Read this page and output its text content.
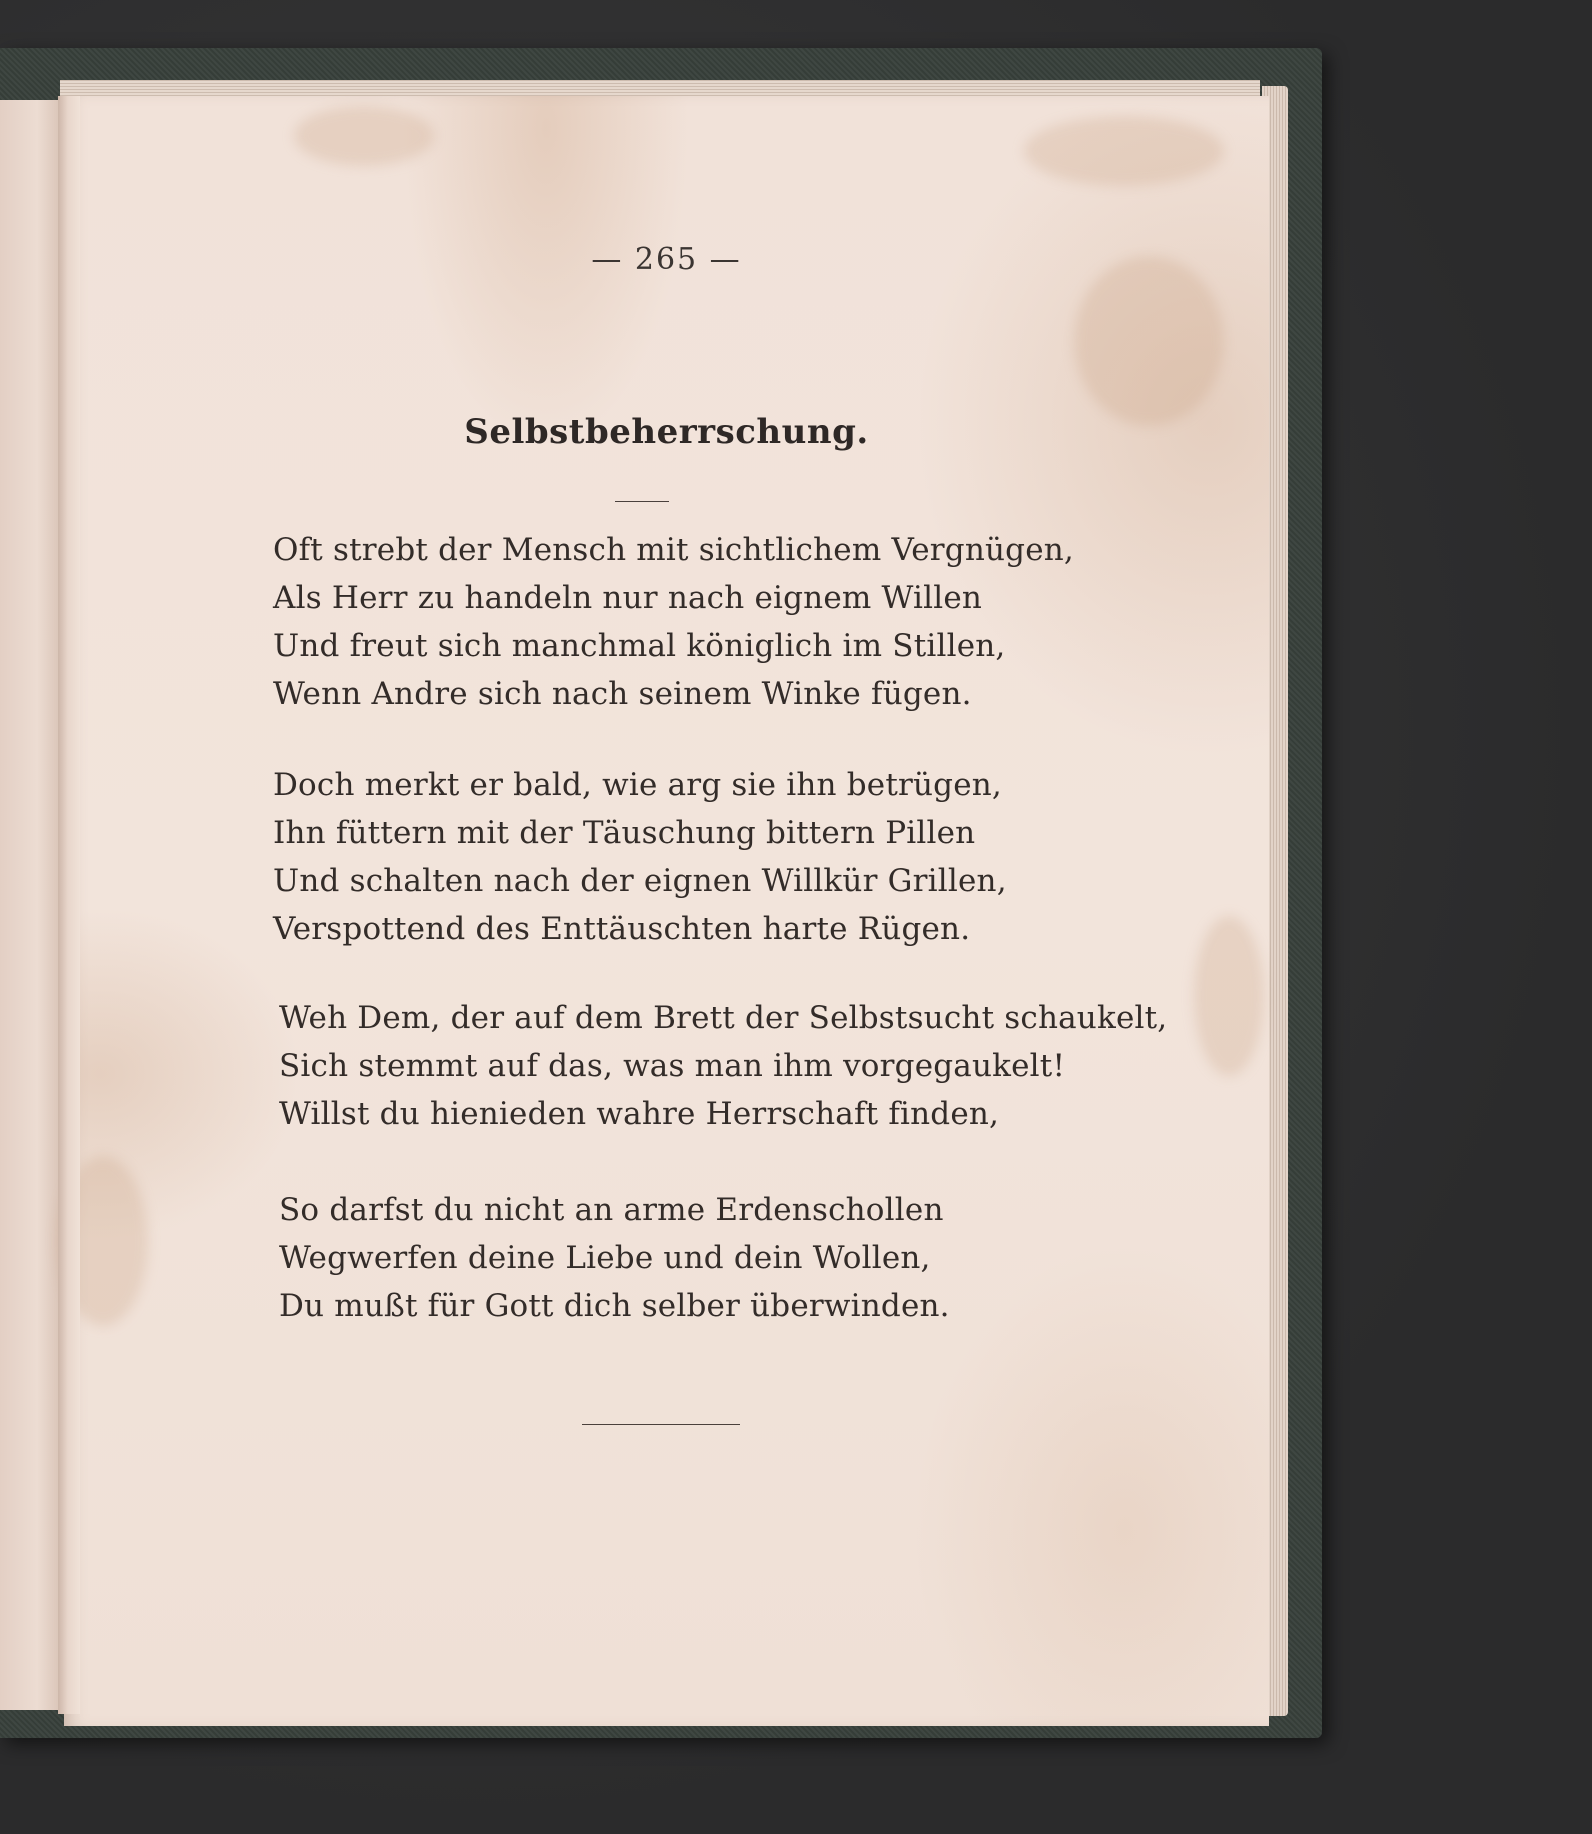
— 265 —
Selbstbeherrschung.
Oft strebt der Mensch mit sichtlichem Vergnügen,
Als Herr zu handeln nur nach eignem Willen
Und freut sich manchmal königlich im Stillen,
Wenn Andre sich nach seinem Winke fügen.
Doch merkt er bald, wie arg sie ihn betrügen,
Ihn füttern mit der Täuschung bittern Pillen
Und schalten nach der eignen Willkür Grillen,
Verspottend des Enttäuschten harte Rügen.
Weh Dem, der auf dem Brett der Selbstsucht schaukelt,
Sich stemmt auf das, was man ihm vorgegaukelt!
Willst du hienieden wahre Herrschaft finden,
So darfst du nicht an arme Erdenschollen
Wegwerfen deine Liebe und dein Wollen,
Du mußt für Gott dich selber überwinden.
